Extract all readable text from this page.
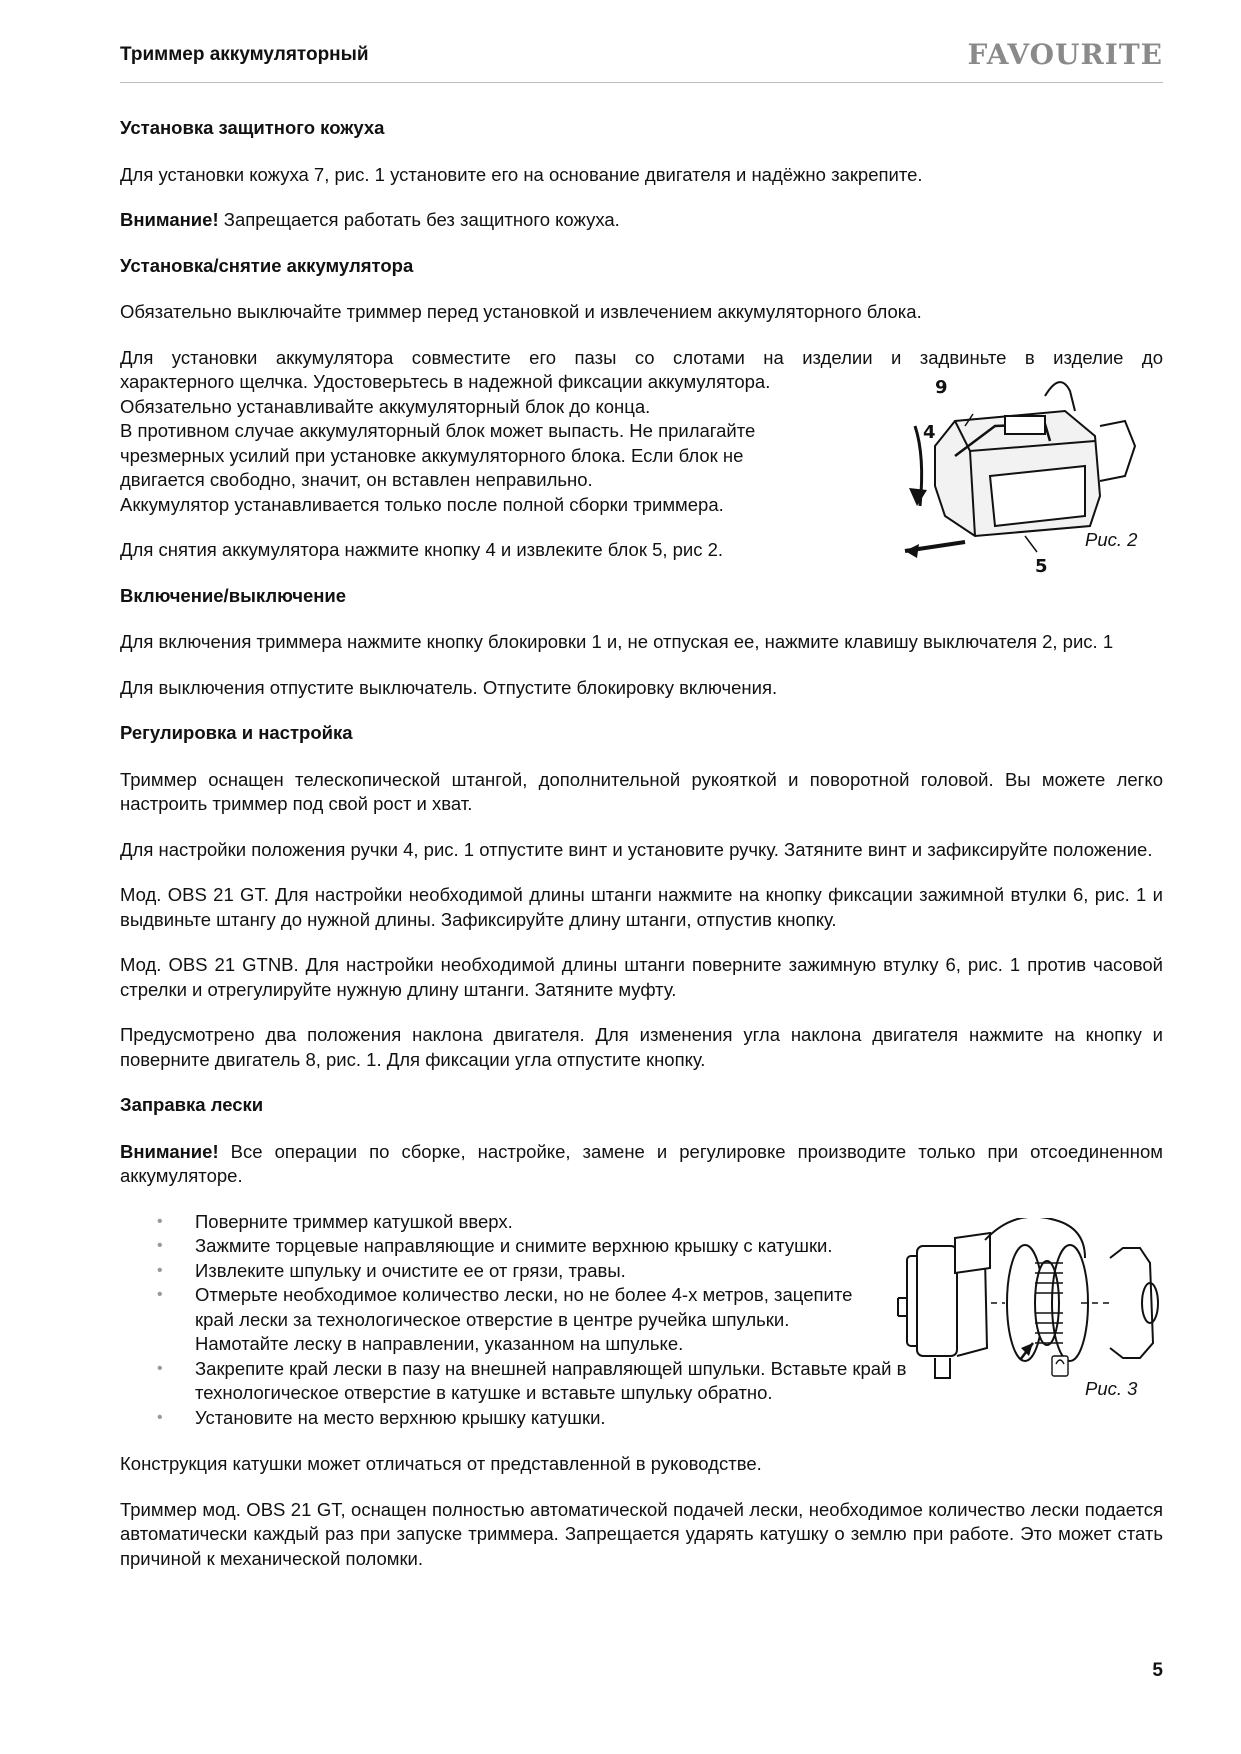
Триммер аккумуляторный	FAVOURITE
Установка защитного кожуха

Для установки кожуха 7, рис. 1 установите его на основание двигателя и надёжно закрепите.

Внимание! Запрещается работать без защитного кожуха.

Установка/снятие аккумулятора

Обязательно выключайте триммер перед установкой и извлечением аккумуляторного блока.

Для установки аккумулятора совместите его пазы со слотами на изделии и задвиньте в изделие до
характерного щелчка. Удостоверьтесь в надежной фиксации аккумулятора.
Обязательно устанавливайте аккумуляторный блок до конца.
В противном случае аккумуляторный блок может выпасть. Не прилагайте
чрезмерных усилий при установке аккумуляторного блока. Если блок не
двигается свободно, значит, он вставлен неправильно.
Аккумулятор устанавливается только после полной сборки триммера.

Для снятия аккумулятора нажмите кнопку 4 и извлеките блок 5, рис 2.

Включение/выключение

Для включения триммера нажмите кнопку блокировки 1 и, не отпуская ее, нажмите клавишу выключателя 2, рис. 1

Для выключения отпустите выключатель. Отпустите блокировку включения.

Регулировка и настройка

Триммер оснащен телескопической штангой, дополнительной рукояткой и поворотной головой. Вы можете легко настроить триммер под свой рост и хват.

Для настройки положения ручки 4, рис. 1 отпустите винт и установите ручку. Затяните винт и зафиксируйте положение.

Мод. OBS 21 GT. Для настройки необходимой длины штанги нажмите на кнопку фиксации зажимной втулки 6, рис. 1 и выдвиньте штангу до нужной длины. Зафиксируйте длину штанги, отпустив кнопку.

Мод. OBS 21 GTNB. Для настройки необходимой длины штанги поверните зажимную втулку 6, рис. 1 против часовой стрелки и отрегулируйте нужную длину штанги. Затяните муфту.

Предусмотрено два положения наклона двигателя. Для изменения угла наклона двигателя нажмите на кнопку и поверните двигатель 8, рис. 1. Для фиксации угла отпустите кнопку.

Заправка лески

Внимание! Все операции по сборке, настройке, замене и регулировке производите только при отсоединенном аккумуляторе.

• Поверните триммер катушкой вверх.
• Зажмите торцевые направляющие и снимите верхнюю крышку с катушки.
• Извлеките шпульку и очистите ее от грязи, травы.
• Отмерьте необходимое количество лески, но не более 4-х метров, зацепите край лески за технологическое отверстие в центре ручейка шпульки. Намотайте леску в направлении, указанном на шпульке.
• Закрепите край лески в пазу на внешней направляющей шпульки. Вставьте край в технологическое отверстие в катушке и вставьте шпульку обратно.
• Установите на место верхнюю крышку катушки.

Конструкция катушки может отличаться от представленной в руководстве.

Триммер мод. OBS 21 GT, оснащен полностью автоматической подачей лески, необходимое количество лески подается автоматически каждый раз при запуске триммера. Запрещается ударять катушку о землю при работе. Это может стать причиной к механической поломки.

9
4
5
Рис. 2
Рис. 3
5
